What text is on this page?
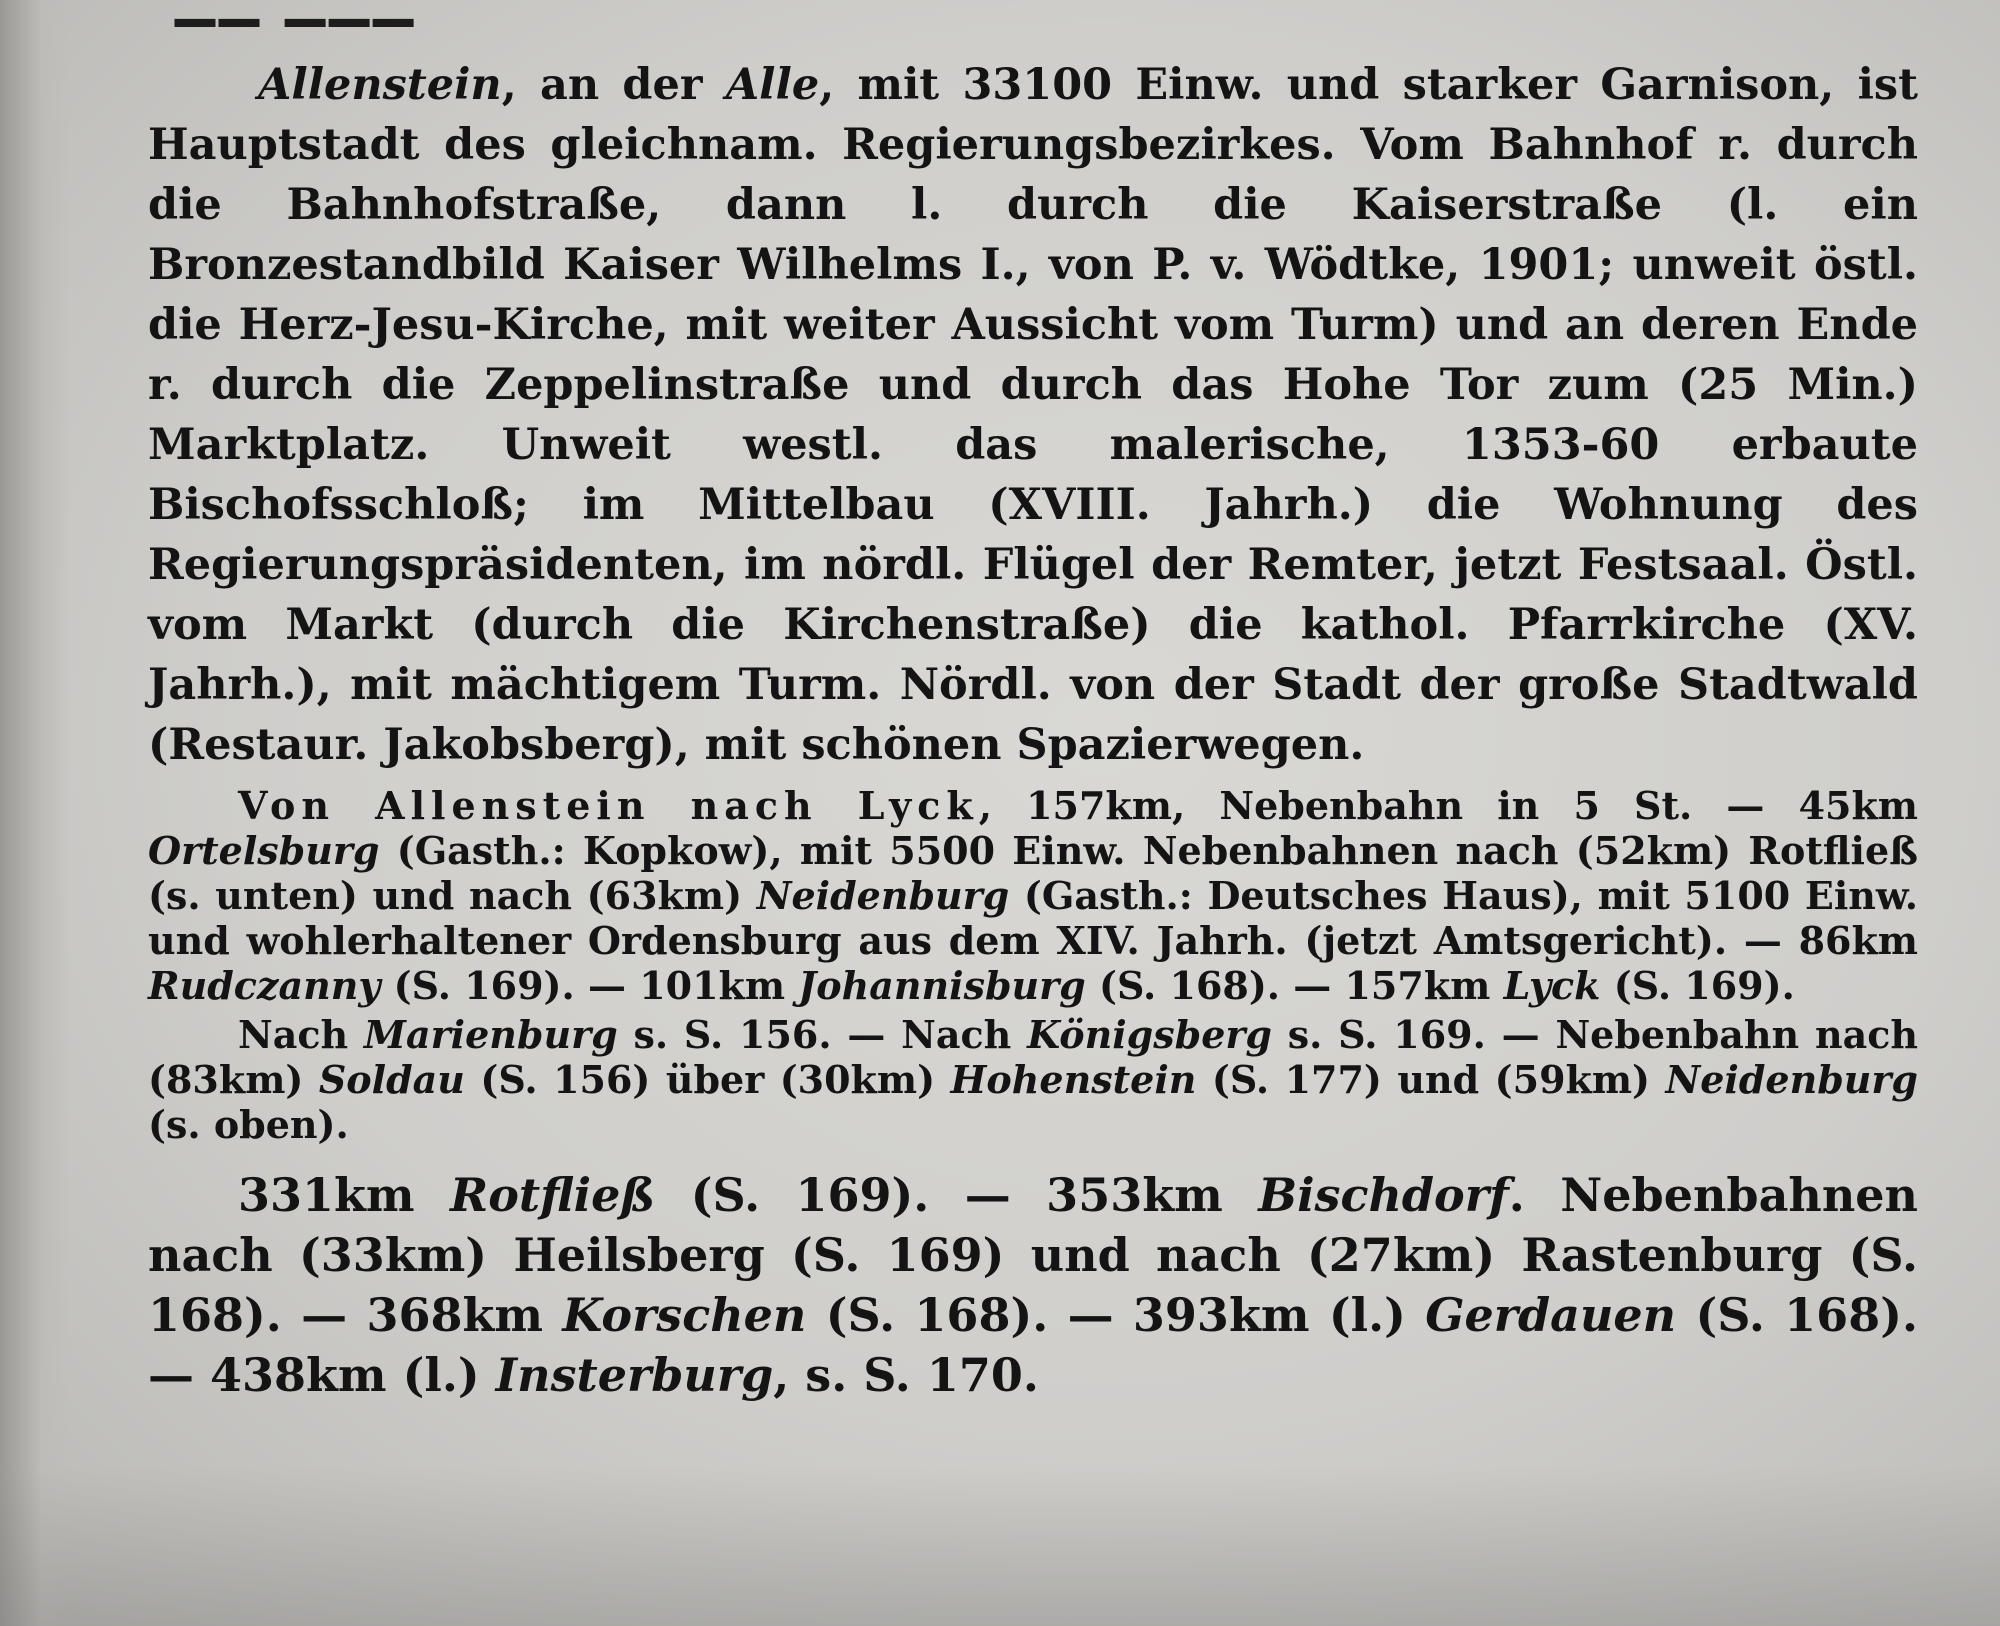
Allenstein, an der Alle, mit 33100 Einw. und starker Garnison, ist Hauptstadt des gleichnam. Regierungsbezirkes. Vom Bahnhof r. durch die Bahnhofstraße, dann l. durch die Kaiserstraße (l. ein Bronzestandbild Kaiser Wilhelms I., von P. v. Wödtke, 1901; unweit östl. die Herz-Jesu-Kirche, mit weiter Aussicht vom Turm) und an deren Ende r. durch die Zeppelinstraße und durch das Hohe Tor zum (25 Min.) Marktplatz. Unweit westl. das malerische, 1353-60 erbaute Bischofsschloß; im Mittelbau (XVIII. Jahrh.) die Wohnung des Regierungspräsidenten, im nördl. Flügel der Remter, jetzt Festsaal. Östl. vom Markt (durch die Kirchenstraße) die kathol. Pfarrkirche (XV. Jahrh.), mit mächtigem Turm. Nördl. von der Stadt der große Stadtwald (Restaur. Jakobsberg), mit schönen Spazierwegen.

Von Allenstein nach Lyck, 157km, Nebenbahn in 5 St. — 45km Ortelsburg (Gasth.: Kopkow), mit 5500 Einw. Nebenbahnen nach (52km) Rotfließ (s. unten) und nach (63km) Neidenburg (Gasth.: Deutsches Haus), mit 5100 Einw. und wohlerhaltener Ordensburg aus dem XIV. Jahrh. (jetzt Amtsgericht). — 86km Rudczanny (S. 169). — 101km Johannisburg (S. 168). — 157km Lyck (S. 169).

Nach Marienburg s. S. 156. — Nach Königsberg s. S. 169. — Nebenbahn nach (83km) Soldau (S. 156) über (30km) Hohenstein (S. 177) und (59km) Neidenburg (s. oben).

331km Rotfließ (S. 169). — 353km Bischdorf. Nebenbahnen nach (33km) Heilsberg (S. 169) und nach (27km) Rastenburg (S. 168). — 368km Korschen (S. 168). — 393km (l.) Gerdauen (S. 168). — 438km (l.) Insterburg, s. S. 170.
